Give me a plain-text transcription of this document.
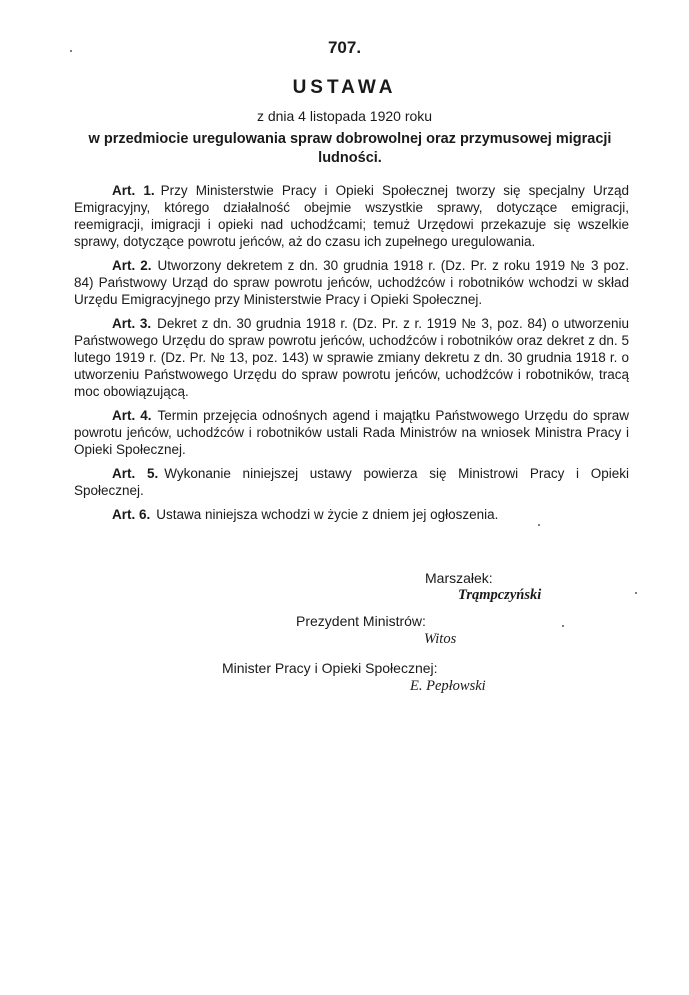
707.
USTAWA
z dnia 4 listopada 1920 roku
w przedmiocie uregulowania spraw dobrowolnej oraz przymusowej migracji ludności.

Art. 1. Przy Ministerstwie Pracy i Opieki Społecznej tworzy się specjalny Urząd Emigracyjny, którego działalność obejmie wszystkie sprawy, dotyczące emigracji, reemigracji, imigracji i opieki nad uchodźcami; temuż Urzędowi przekazuje się wszelkie sprawy, dotyczące powrotu jeńców, aż do czasu ich zupełnego uregulowania.

Art. 2. Utworzony dekretem z dn. 30 grudnia 1918 r. (Dz. Pr. z roku 1919 № 3 poz. 84) Państwowy Urząd do spraw powrotu jeńców, uchodźców i robotników wchodzi w skład Urzędu Emigracyjnego przy Ministerstwie Pracy i Opieki Społecznej.

Art. 3. Dekret z dn. 30 grudnia 1918 r. (Dz. Pr. z r. 1919 № 3, poz. 84) o utworzeniu Państwowego Urzędu do spraw powrotu jeńców, uchodźców i robotników oraz dekret z dn. 5 lutego 1919 r. (Dz. Pr. № 13, poz. 143) w sprawie zmiany dekretu z dn. 30 grudnia 1918 r. o utworzeniu Państwowego Urzędu do spraw powrotu jeńców, uchodźców i robotników, tracą moc obowiązującą.

Art. 4. Termin przejęcia odnośnych agend i majątku Państwowego Urzędu do spraw powrotu jeńców, uchodźców i robotników ustali Rada Ministrów na wniosek Ministra Pracy i Opieki Społecznej.

Art. 5. Wykonanie niniejszej ustawy powierza się Ministrowi Pracy i Opieki Społecznej.

Art. 6. Ustawa niniejsza wchodzi w życie z dniem jej ogłoszenia.

Marszałek:
Trąmpczyński
Prezydent Ministrów:
Witos
Minister Pracy i Opieki Społecznej:
E. Pepłowski
